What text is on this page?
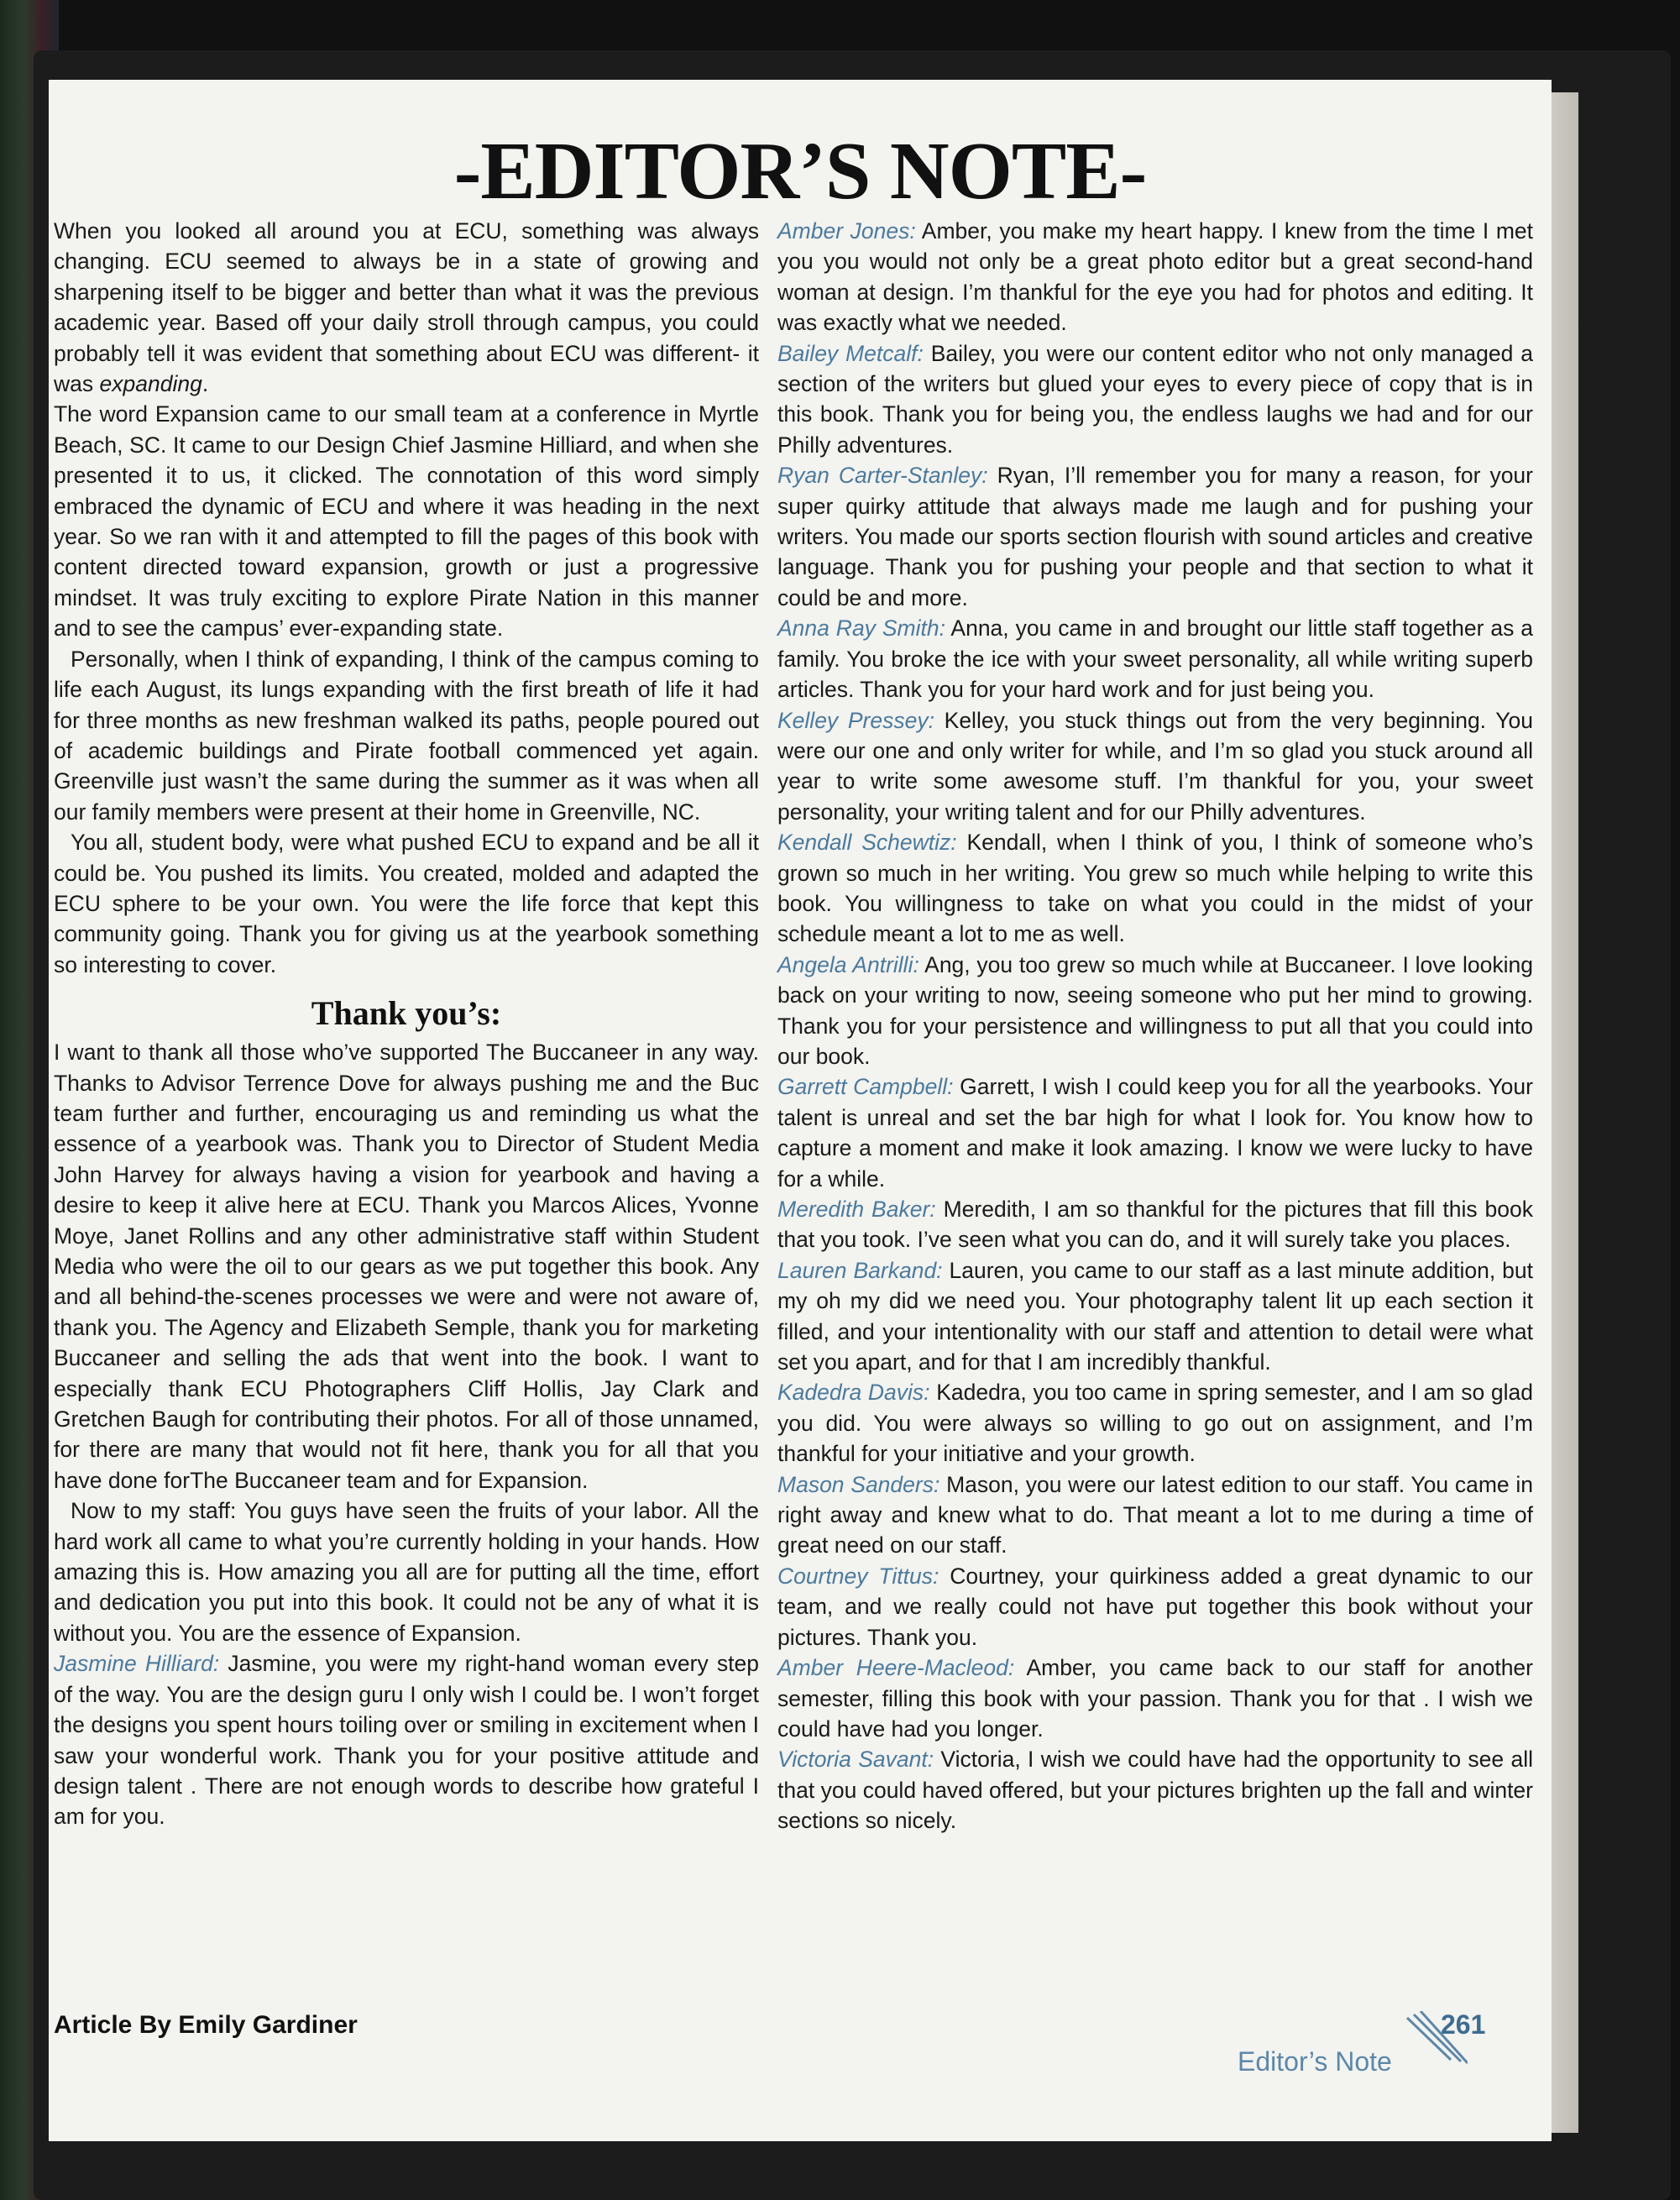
-EDITOR’S NOTE-

When you looked all around you at ECU, something was always changing. ECU seemed to always be in a state of growing and sharpening itself to be bigger and better than what it was the previous academic year. Based off your daily stroll through campus, you could probably tell it was evident that something about ECU was different- it was expanding.

The word Expansion came to our small team at a conference in Myrtle Beach, SC. It came to our Design Chief Jasmine Hilliard, and when she presented it to us, it clicked. The connotation of this word simply embraced the dynamic of ECU and where it was heading in the next year. So we ran with it and attempted to fill the pages of this book with content directed toward expansion, growth or just a progressive mindset. It was truly exciting to explore Pirate Nation in this manner and to see the campus’ ever-expanding state.

Personally, when I think of expanding, I think of the campus coming to life each August, its lungs expanding with the first breath of life it had for three months as new freshman walked its paths, people poured out of academic buildings and Pirate football commenced yet again. Greenville just wasn’t the same during the summer as it was when all our family members were present at their home in Greenville, NC.

You all, student body, were what pushed ECU to expand and be all it could be. You pushed its limits. You created, molded and adapted the ECU sphere to be your own. You were the life force that kept this community going. Thank you for giving us at the yearbook something so interesting to cover.

Thank you’s:

I want to thank all those who’ve supported The Buccaneer in any way. Thanks to Advisor Terrence Dove for always pushing me and the Buc team further and further, encouraging us and reminding us what the essence of a yearbook was. Thank you to Director of Student Media John Harvey for always having a vision for yearbook and having a desire to keep it alive here at ECU. Thank you Marcos Alices, Yvonne Moye, Janet Rollins and any other administrative staff within Student Media who were the oil to our gears as we put together this book. Any and all behind-the-scenes processes we were and were not aware of, thank you. The Agency and Elizabeth Semple, thank you for marketing Buccaneer and selling the ads that went into the book. I want to especially thank ECU Photographers Cliff Hollis, Jay Clark and Gretchen Baugh for contributing their photos. For all of those unnamed, for there are many that would not fit here, thank you for all that you have done forThe Buccaneer team and for Expansion.

Now to my staff: You guys have seen the fruits of your labor. All the hard work all came to what you’re currently holding in your hands. How amazing this is. How amazing you all are for putting all the time, effort and dedication you put into this book. It could not be any of what it is without you. You are the essence of Expansion.

Jasmine Hilliard: Jasmine, you were my right-hand woman every step of the way. You are the design guru I only wish I could be. I won’t forget the designs you spent hours toiling over or smiling in excitement when I saw your wonderful work. Thank you for your positive attitude and design talent . There are not enough words to describe how grateful I am for you.

Amber Jones: Amber, you make my heart happy. I knew from the time I met you you would not only be a great photo editor but a great second-hand woman at design. I’m thankful for the eye you had for photos and editing. It was exactly what we needed.

Bailey Metcalf: Bailey, you were our content editor who not only managed a section of the writers but glued your eyes to every piece of copy that is in this book. Thank you for being you, the endless laughs we had and for our Philly adventures.

Ryan Carter-Stanley: Ryan, I’ll remember you for many a reason, for your super quirky attitude that always made me laugh and for pushing your writers. You made our sports section flourish with sound articles and creative language. Thank you for pushing your people and that section to what it could be and more.

Anna Ray Smith: Anna, you came in and brought our little staff together as a family. You broke the ice with your sweet personality, all while writing superb articles. Thank you for your hard work and for just being you.

Kelley Pressey: Kelley, you stuck things out from the very beginning. You were our one and only writer for while, and I’m so glad you stuck around all year to write some awesome stuff. I’m thankful for you, your sweet personality, your writing talent and for our Philly adventures.

Kendall Schewtiz: Kendall, when I think of you, I think of someone who’s grown so much in her writing. You grew so much while helping to write this book. You willingness to take on what you could in the midst of your schedule meant a lot to me as well.

Angela Antrilli: Ang, you too grew so much while at Buccaneer. I love looking back on your writing to now, seeing someone who put her mind to growing. Thank you for your persistence and willingness to put all that you could into our book.

Garrett Campbell: Garrett, I wish I could keep you for all the yearbooks. Your talent is unreal and set the bar high for what I look for. You know how to capture a moment and make it look amazing. I know we were lucky to have for a while.

Meredith Baker: Meredith, I am so thankful for the pictures that fill this book that you took. I’ve seen what you can do, and it will surely take you places.

Lauren Barkand: Lauren, you came to our staff as a last minute addition, but my oh my did we need you. Your photography talent lit up each section it filled, and your intentionality with our staff and attention to detail were what set you apart, and for that I am incredibly thankful.

Kadedra Davis: Kadedra, you too came in spring semester, and I am so glad you did. You were always so willing to go out on assignment, and I’m thankful for your initiative and your growth.

Mason Sanders: Mason, you were our latest edition to our staff. You came in right away and knew what to do. That meant a lot to me during a time of great need on our staff.

Courtney Tittus: Courtney, your quirkiness added a great dynamic to our team, and we really could not have put together this book without your pictures. Thank you.

Amber Heere-Macleod: Amber, you came back to our staff for another semester, filling this book with your passion. Thank you for that . I wish we could have had you longer.

Victoria Savant: Victoria, I wish we could have had the opportunity to see all that you could haved offered, but your pictures brighten up the fall and winter sections so nicely.

Article By Emily Gardiner	261
Editor’s Note
